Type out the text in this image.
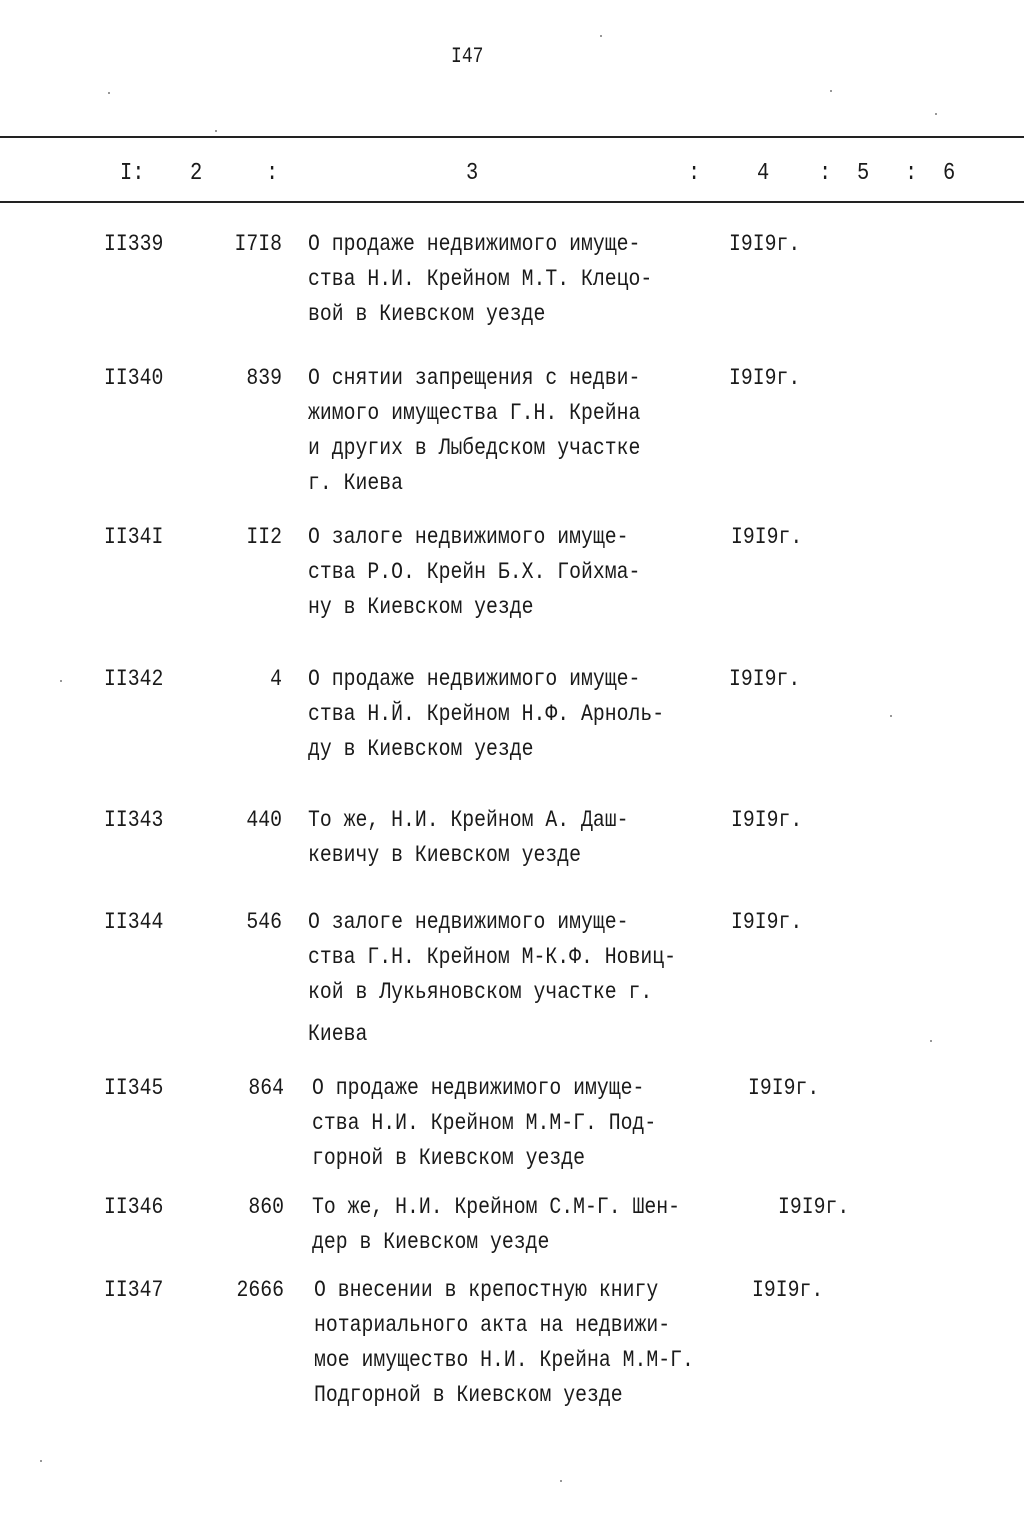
I47
I: 2	:	3	: 4 : 5 : 6
II339	I7I8 О продаже недвижимого имуще-
ства Н.И. Крейном М.Т. Клецо-
вой в Киевском уезде
I9I9г.
II340	839 О снятии запрещения с недви-
жимого имущества Г.Н. Крейна
и других в Лыбедском участке
г. Киева
I9I9г.
II34I	II2 О залоге недвижимого имуще-
ства Р.О. Крейн Б.Х. Гойхма-
ну в Киевском уезде
I9I9г.
II342	4 О продаже недвижимого имуще-
ства Н.Й. Крейном Н.Ф. Арноль-
ду в Киевском уезде
I9I9г.
II343	440 То же, Н.И. Крейном А. Даш-
кевичу в Киевском уезде
I9I9г.
II344	546 О залоге недвижимого имуще-
ства Г.Н. Крейном М-К.Ф. Новиц-
кой в Лукьяновском участке г.
Киева
I9I9г.
II345	864 О продаже недвижимого имуще-
ства Н.И. Крейном М.М-Г. Под-
горной в Киевском уезде
I9I9г.
II346	860 То же, Н.И. Крейном С.М-Г. Шен-
дер в Киевском уезде
I9I9г.
II347	2666 О внесении в крепостную книгу
нотариального акта на недвижи-
мое имущество Н.И. Крейна М.М-Г.
Подгорной в Киевском уезде
I9I9г.
